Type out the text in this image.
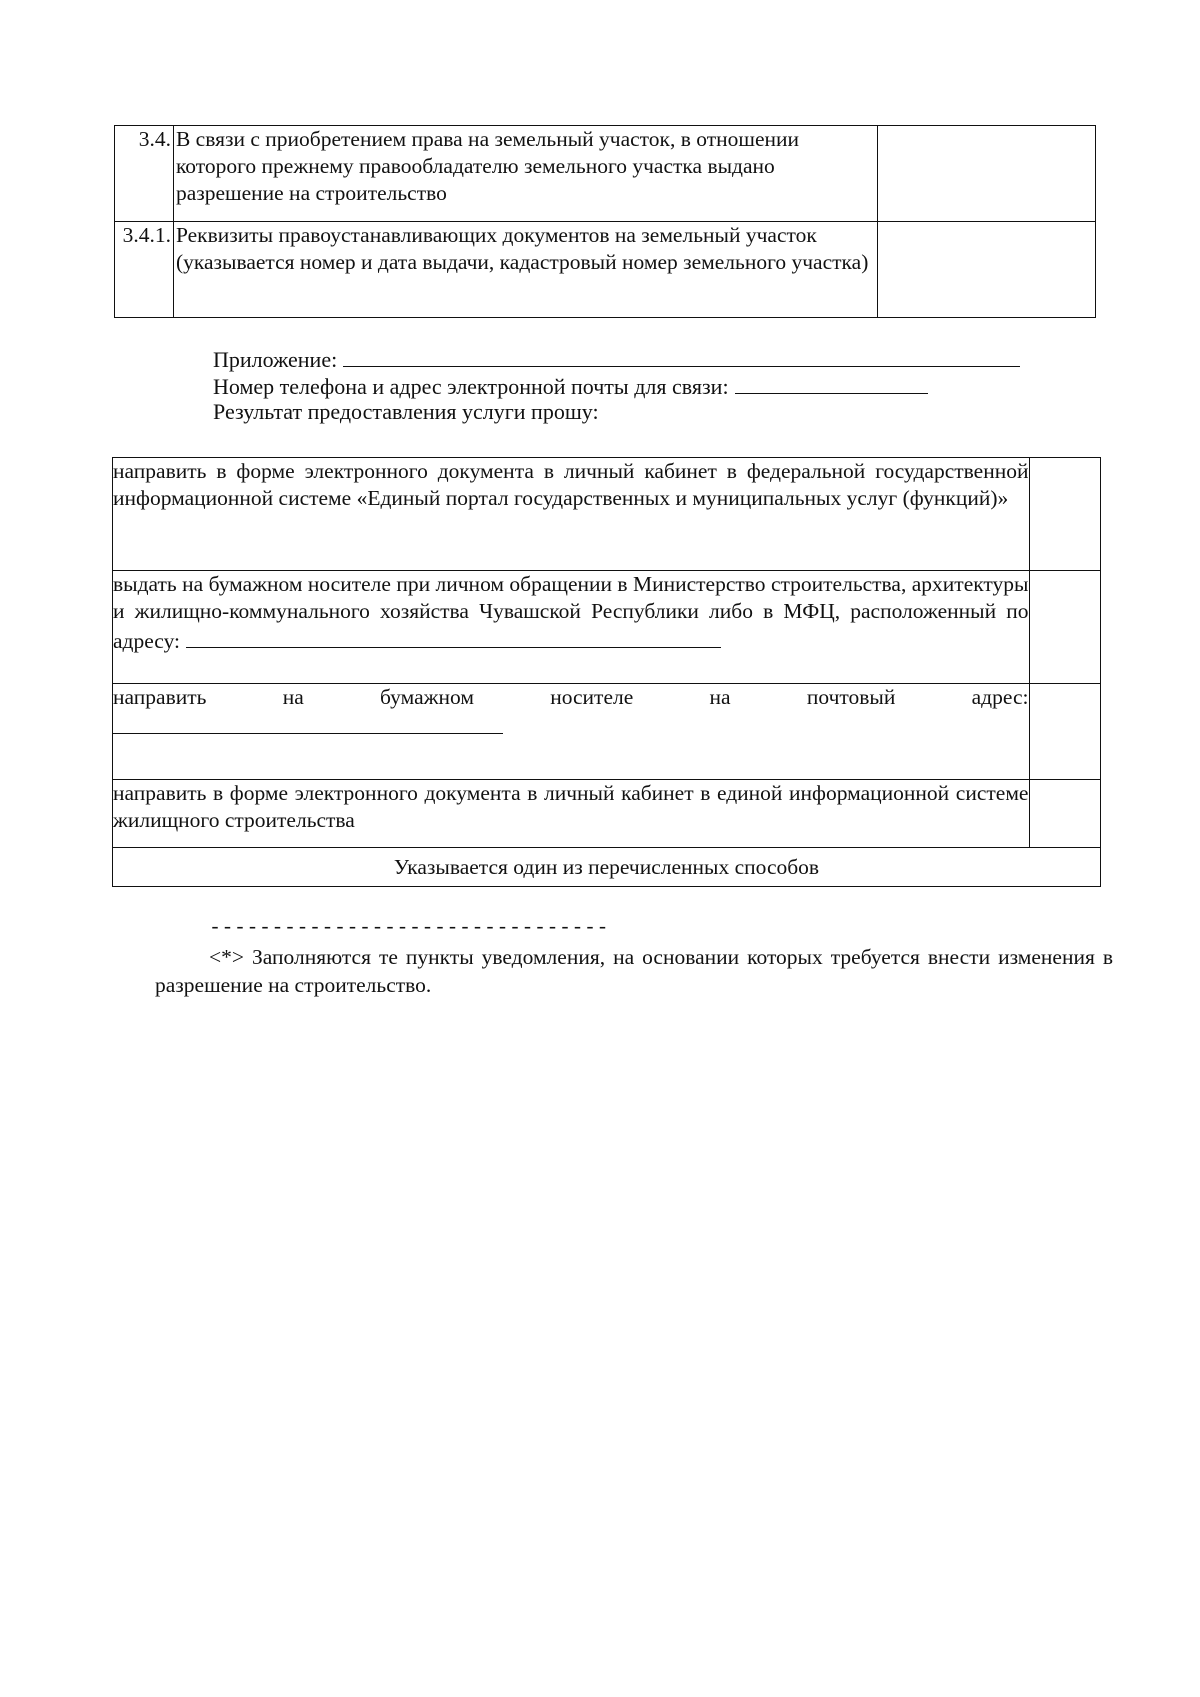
3.4.	В связи с приобретением права на земельный участок, в отношении которого прежнему правообладателю земельного участка выдано разрешение на строительство	
3.4.1.	Реквизиты правоустанавливающих документов на земельный участок (указывается номер и дата выдачи, кадастровый номер земельного участка)	
Приложение:
Номер телефона и адрес электронной почты для связи:
Результат предоставления услуги прошу:
направить в форме электронного документа в личный кабинет в федеральной государственной информационной системе «Единый портал государственных и муниципальных услуг (функций)»	
выдать на бумажном носителе при личном обращении в Министерство строительства, архитектуры и жилищно-коммунального хозяйства Чувашской Республики либо в МФЦ, расположенный по адресу:	

направить на бумажном носителе на почтовый адрес:	

направить в форме электронного документа в личный кабинет в единой информационной системе жилищного строительства	
Указывается один из перечисленных способов	
--------------------------------
<*> Заполняются те пункты уведомления, на основании которых требуется внести изменения в разрешение на строительство.
